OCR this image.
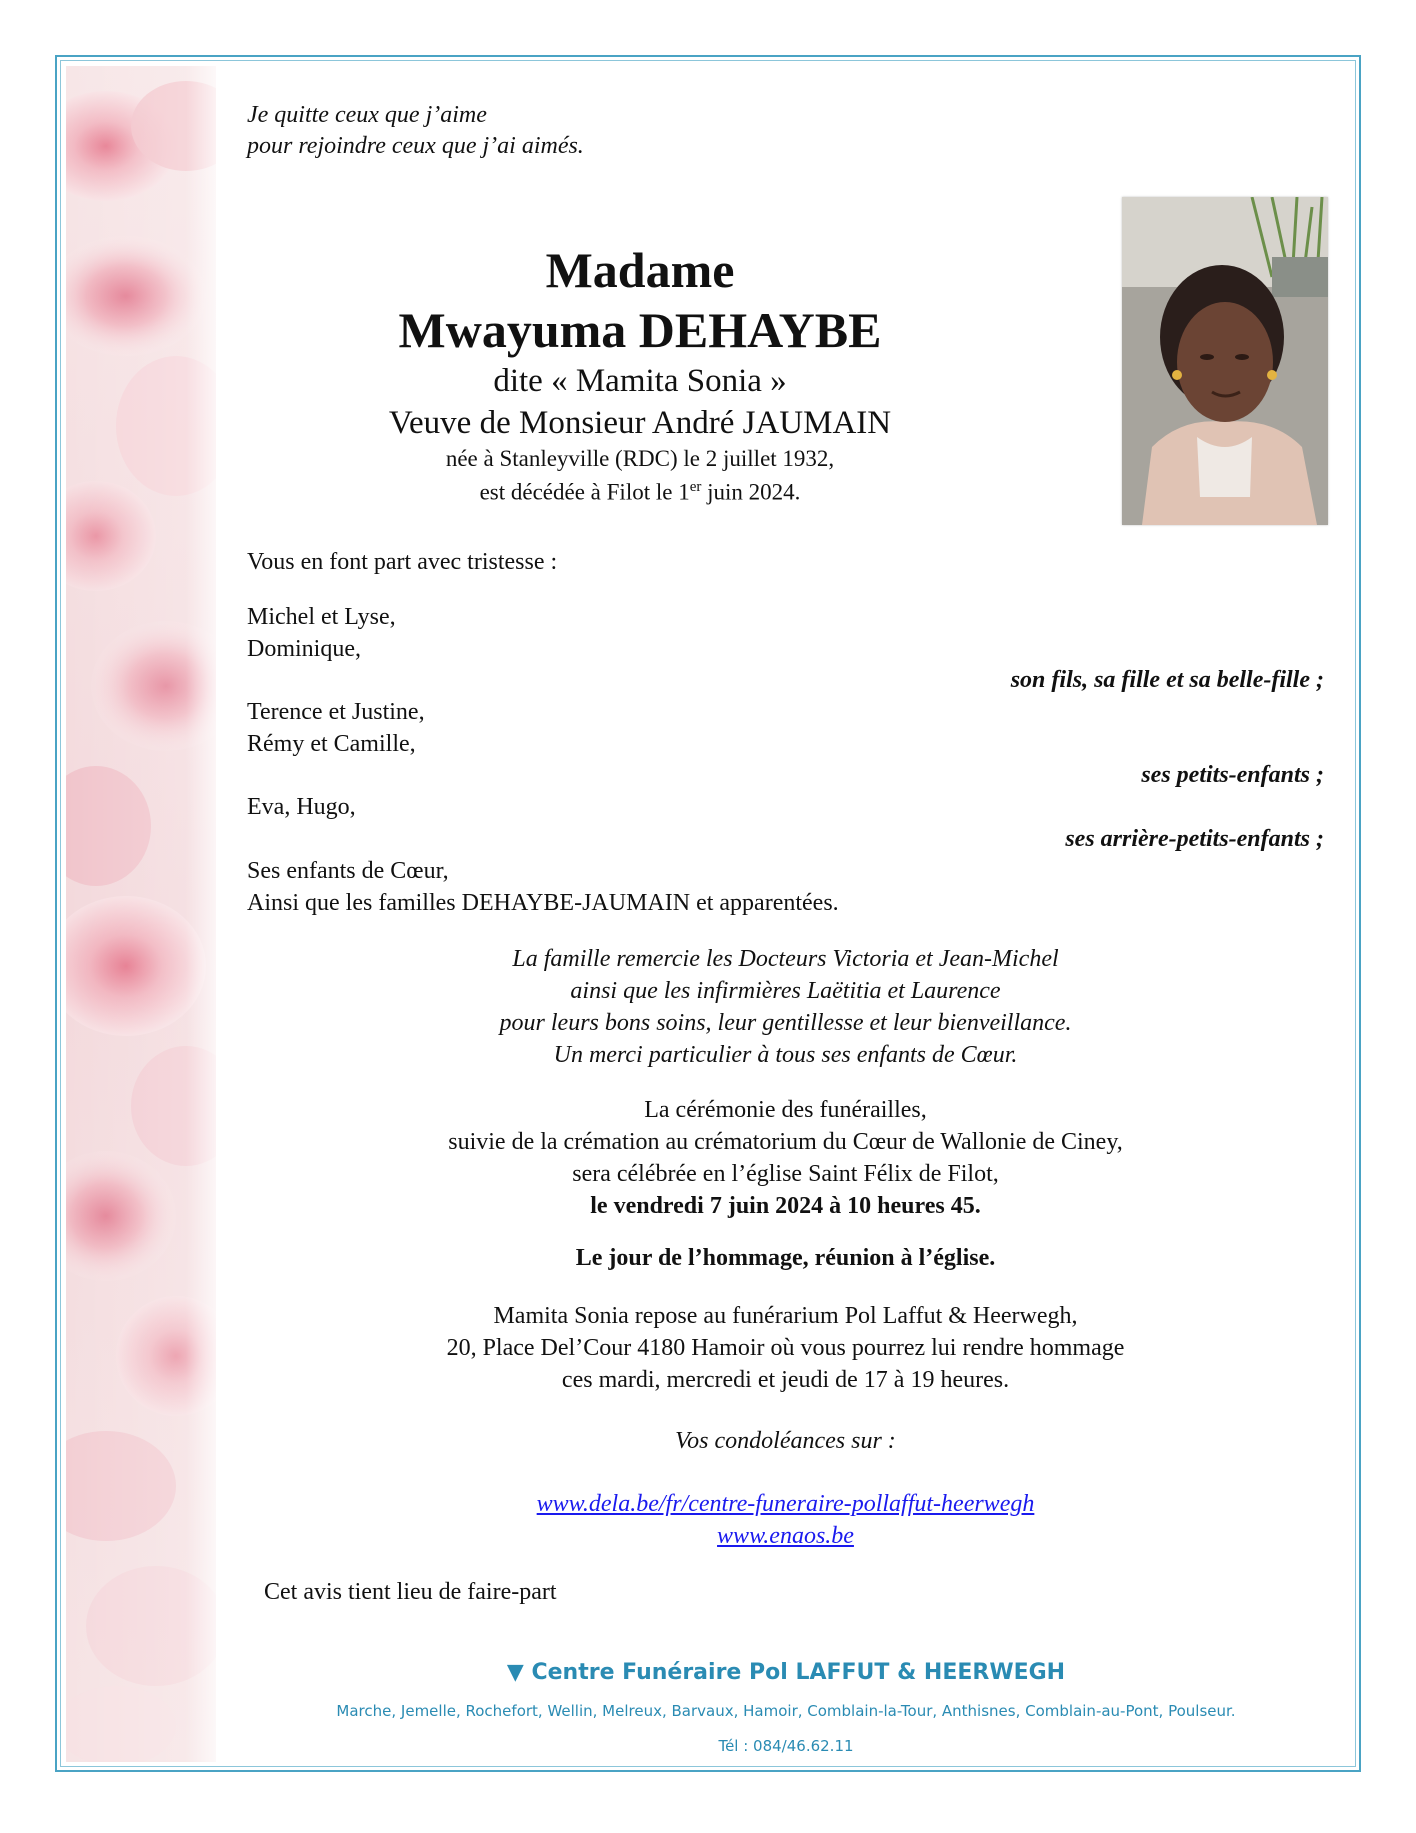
Je quitte ceux que j’aime
pour rejoindre ceux que j’ai aimés.
Madame
Mwayuma DEHAYBE
dite « Mamita Sonia »
Veuve de Monsieur André JAUMAIN
née à Stanleyville (RDC) le 2 juillet 1932,
est décédée à Filot le 1er juin 2024.
Vous en font part avec tristesse :
Michel et Lyse,
Dominique,
son fils, sa fille et sa belle-fille ;
Terence et Justine,
Rémy et Camille,
ses petits-enfants ;
Eva, Hugo,
ses arrière-petits-enfants ;
Ses enfants de Cœur,
Ainsi que les familles DEHAYBE-JAUMAIN et apparentées.
La famille remercie les Docteurs Victoria et Jean-Michel
ainsi que les infirmières Laëtitia et Laurence
pour leurs bons soins, leur gentillesse et leur bienveillance.
Un merci particulier à tous ses enfants de Cœur.
La cérémonie des funérailles,
suivie de la crémation au crématorium du Cœur de Wallonie de Ciney,
sera célébrée en l’église Saint Félix de Filot,
le vendredi 7 juin 2024 à 10 heures 45.
Le jour de l’hommage, réunion à l’église.
Mamita Sonia repose au funérarium Pol Laffut & Heerwegh,
20, Place Del’Cour 4180 Hamoir où vous pourrez lui rendre hommage
ces mardi, mercredi et jeudi de 17 à 19 heures.
Vos condoléances sur :
www.dela.be/fr/centre-funeraire-pollaffut-heerwegh
www.enaos.be
Cet avis tient lieu de faire-part
▼ Centre Funéraire Pol LAFFUT & HEERWEGH
Marche, Jemelle, Rochefort, Wellin, Melreux, Barvaux, Hamoir, Comblain-la-Tour, Anthisnes, Comblain-au-Pont, Poulseur.
Tél : 084/46.62.11
